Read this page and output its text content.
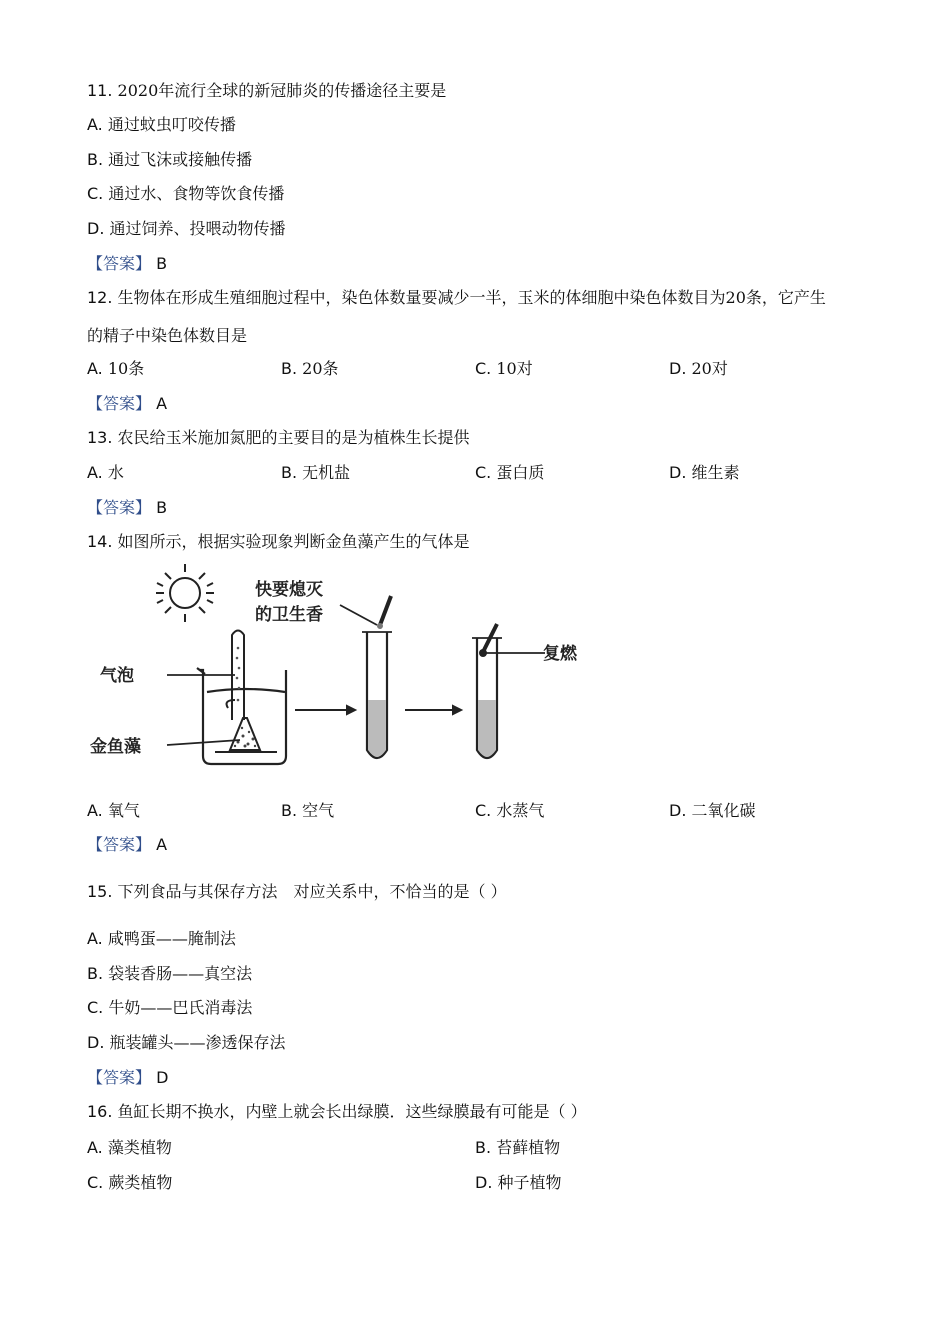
11. 2020年流行全球的新冠肺炎的传播途径主要是
A. 通过蚊虫叮咬传播
B. 通过飞沫或接触传播
C. 通过水、食物等饮食传播
D. 通过饲养、投喂动物传播
【答案】 B
12. 生物体在形成生殖细胞过程中，染色体数量要减少一半，玉米的体细胞中染色体数目为20条，它产生
的精子中染色体数目是
A. 10条	B. 20条	C. 10对	D. 20对
【答案】 A
13. 农民给玉米施加氮肥的主要目的是为植株生长提供
A. 水	B. 无机盐	C. 蛋白质	D. 维生素
【答案】 B
14. 如图所示，根据实验现象判断金鱼藻产生的气体是
气泡
金鱼藻
快要熄灭
的卫生香
复燃
A. 氧气	B. 空气	C. 水蒸气	D. 二氧化碳
【答案】 A
15. 下列食品与其保存方法　对应关系中，不恰当的是（ ）
A. 咸鸭蛋——腌制法
B. 袋装香肠——真空法
C. 牛奶——巴氏消毒法
D. 瓶装罐头——渗透保存法
【答案】 D
16. 鱼缸长期不换水，内壁上就会长出绿膜．这些绿膜最有可能是（ ）
A. 藻类植物	B. 苔藓植物
C. 蕨类植物	D. 种子植物
